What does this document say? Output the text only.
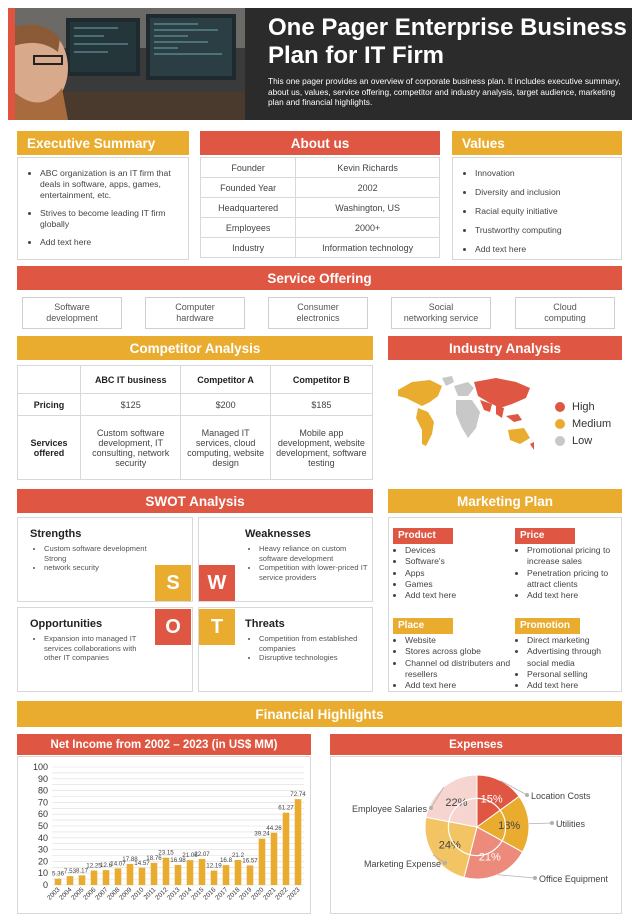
One Pager Enterprise Business Plan for IT Firm
This one pager provides an overview of corporate business plan. It includes executive summary, about us, values, service offering, competitor and industry analysis, target audience, marketing plan and financial highlights.
Executive Summary
• ABC organization is an IT firm that deals in software, apps, games, entertainment, etc.
• Strives to become leading IT firm globally
• Add text here
About us
Founder	Kevin Richards
Founded Year	2002
Headquartered	Washington, US
Employees	2000+
Industry	Information technology
Values
• Innovation
• Diversity and inclusion
• Racial equity initiative
• Trustworthy computing
• Add text here
Service Offering
Software
development
Computer
hardware
Consumer
electronics
Social
networking service
Cloud
computing
Competitor Analysis
	ABC IT business	Competitor A	Competitor B
Pricing	$125	$200	$185
Services offered	Custom software development, IT consulting, network security	Managed IT services, cloud computing, website design	Mobile app development, website development, software testing
Industry Analysis
High
Medium
Low
SWOT Analysis
Strengths
• Custom software development Strong
• network security
Weaknesses
• Heavy reliance on custom software development
• Competition with lower-priced IT service providers
Opportunities
• Expansion into managed IT services collaborations with other IT companies
Threats
• Competition from established companies
• Disruptive technologies
S	W
O	T
Marketing Plan
Product
• Devices
• Software's
• Apps
• Games
• Add text here
Price
• Promotional pricing to increase sales
• Penetration pricing to attract clients
• Add text here
Place
• Website
• Stores across globe
• Channel od distributers and resellers
• Add text here
Promotion
• Direct marketing
• Advertising through social media
• Personal selling
• Add text here
Financial Highlights
Net Income from 2002 – 2023 (in US$ MM)
0
10
20
30
40
50
60
70
80
90
100
5.36
2003
7.53
2004
8.17
2005
12.25
2006
12.6
2007
14.07
2008
17.88
2009
14.57
2010
18.76
2011
23.15
2012
16.98
2013
21.06
2014
22.07
2015
12.19
2016
16.8
2017
21.2
2018
16.57
2019
39.24
2020
44.26
2021
61.27
2022
72.74
2023
Expenses
15%	Location Costs
18%	Utilities
21%
Office Equipment
24%
Marketing Expense
22%
Employee Salaries
